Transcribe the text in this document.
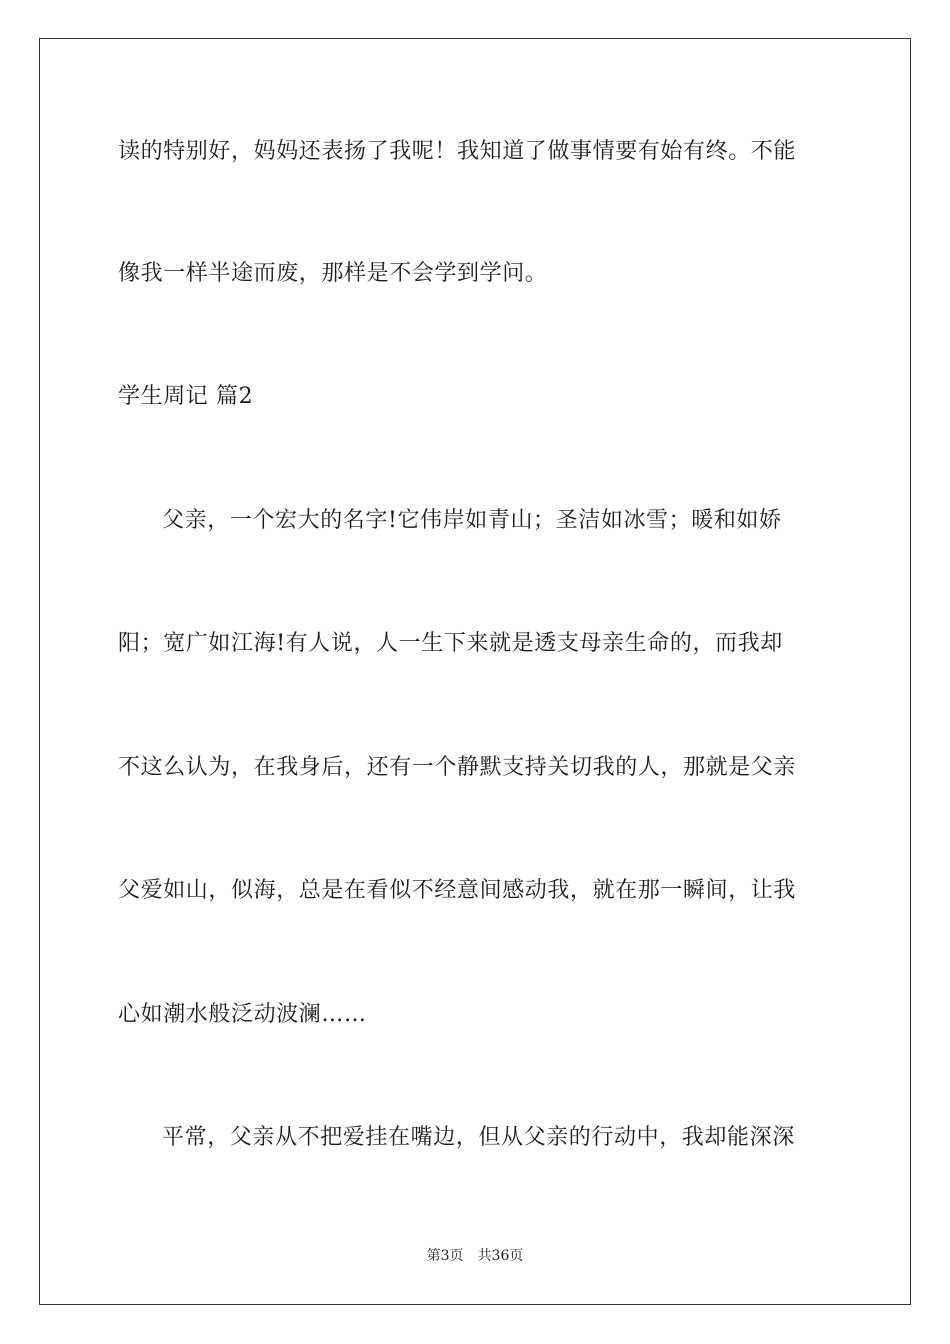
读的特别好，妈妈还表扬了我呢！我知道了做事情要有始有终。不能
像我一样半途而废，那样是不会学到学问。
学生周记 篇2
父亲，一个宏大的名字!它伟岸如青山；圣洁如冰雪；暖和如娇
阳；宽广如江海!有人说，人一生下来就是透支母亲生命的，而我却
不这么认为，在我身后，还有一个静默支持关切我的人，那就是父亲
父爱如山，似海，总是在看似不经意间感动我，就在那一瞬间，让我
心如潮水般泛动波澜……
平常，父亲从不把爱挂在嘴边，但从父亲的行动中，我却能深深
第3页　共36页
